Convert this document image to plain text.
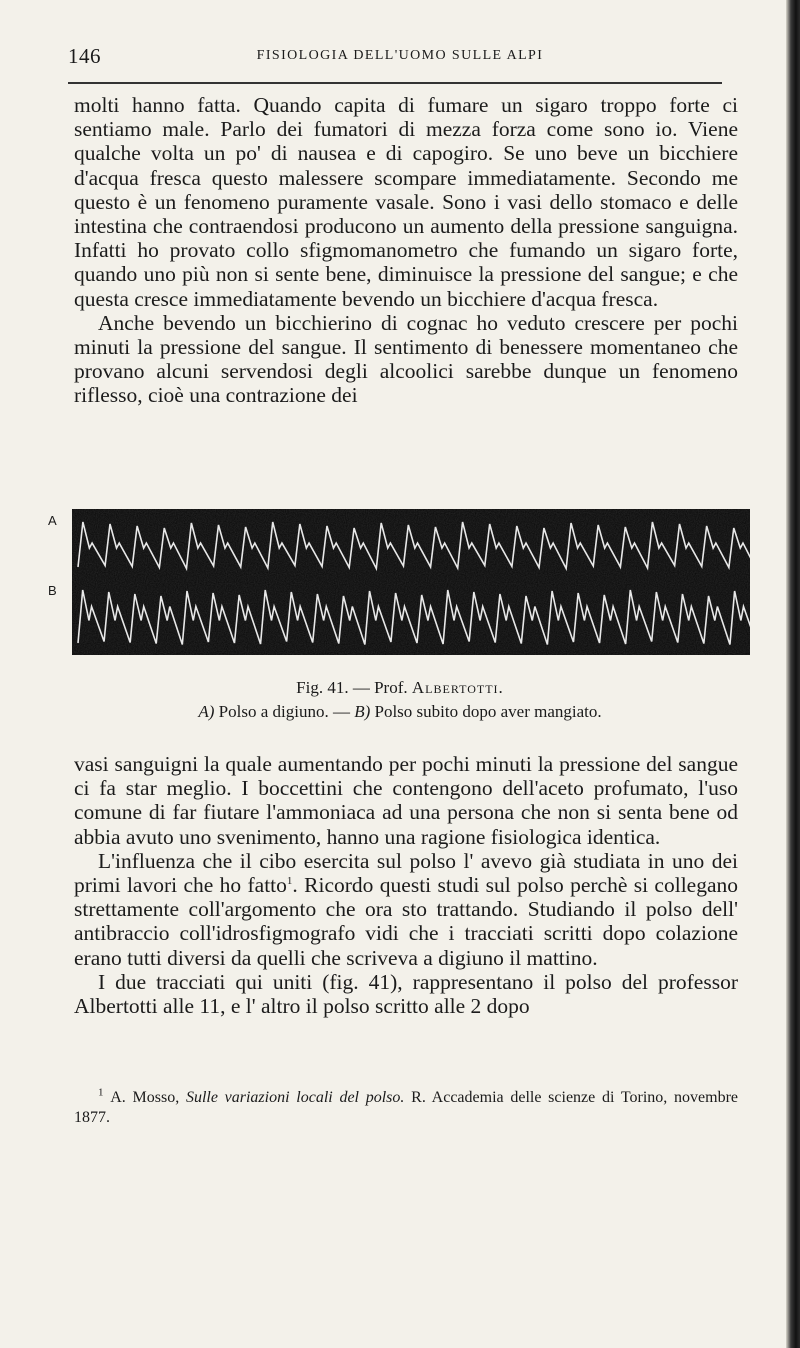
146	FISIOLOGIA DELL'UOMO SULLE ALPI

molti hanno fatta. Quando capita di fumare un sigaro troppo forte ci sentiamo male. Parlo dei fumatori di mezza forza come sono io. Viene qualche volta un po' di nausea e di capogiro. Se uno beve un bicchiere d'acqua fresca questo malessere scompare immediatamente. Secondo me questo è un fenomeno puramente vasale. Sono i vasi dello stomaco e delle intestina che contraendosi producono un aumento della pressione sanguigna. Infatti ho provato collo sfigmomanometro che fumando un sigaro forte, quando uno più non si sente bene, diminuisce la pressione del sangue; e che questa cresce immediatamente bevendo un bicchiere d'acqua fresca.

Anche bevendo un bicchierino di cognac ho veduto crescere per pochi minuti la pressione del sangue. Il sentimento di benessere momentaneo che provano alcuni servendosi degli alcoolici sarebbe dunque un fenomeno riflesso, cioè una contrazione dei

A
B
Fig. 41. — Prof. Albertotti.
A) Polso a digiuno. — B) Polso subito dopo aver mangiato.

vasi sanguigni la quale aumentando per pochi minuti la pressione del sangue ci fa star meglio. I boccettini che contengono dell'aceto profumato, l'uso comune di far fiutare l'ammoniaca ad una persona che non si senta bene od abbia avuto uno svenimento, hanno una ragione fisiologica identica.

L'influenza che il cibo esercita sul polso l' avevo già studiata in uno dei primi lavori che ho fatto$^1$. Ricordo questi studi sul polso perchè si collegano strettamente coll'argomento che ora sto trattando. Studiando il polso dell' antibraccio coll'idrosfigmografo vidi che i tracciati scritti dopo colazione erano tutti diversi da quelli che scriveva a digiuno il mattino.

I due tracciati qui uniti (fig. 41), rappresentano il polso del professor Albertotti alle 11, e l' altro il polso scritto alle 2 dopo

$^1$ A. Mosso, Sulle variazioni locali del polso. R. Accademia delle scienze di Torino, novembre 1877.
